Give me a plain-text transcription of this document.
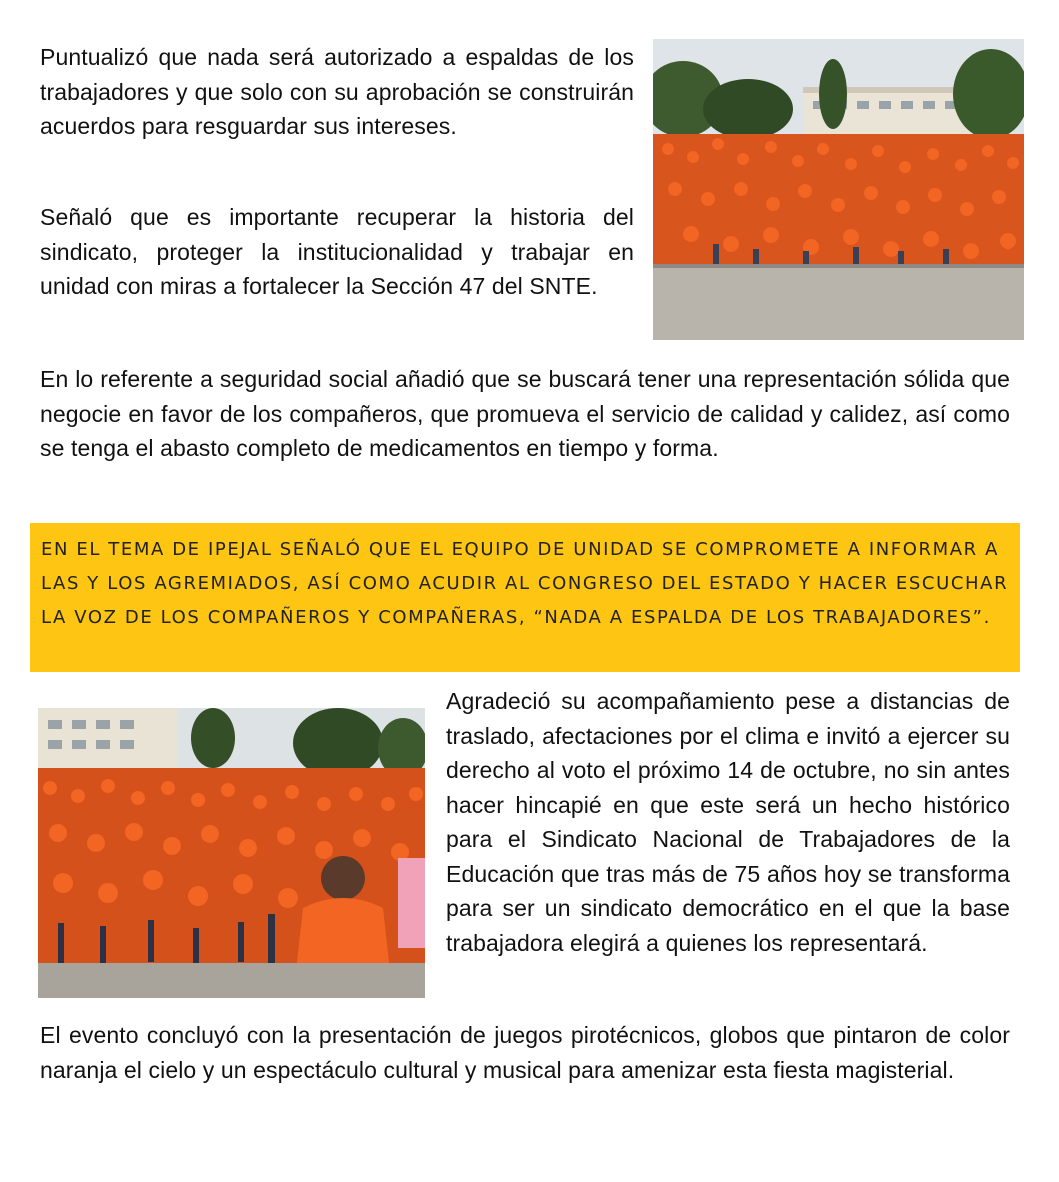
Puntualizó que nada será autorizado a espaldas de los trabajadores y que solo con su aprobación se construirán acuerdos para resguardar sus intereses.

Señaló que es importante recuperar la historia del sindicato, proteger la institucionalidad y trabajar en unidad con miras a fortalecer la Sección 47 del SNTE.

En lo referente a seguridad social añadió que se buscará tener una representación sólida que negocie en favor de los compañeros, que promueva el servicio de calidad y calidez, así como se tenga el abasto completo de medicamentos en tiempo y forma.

EN EL TEMA DE IPEJAL SEÑALÓ QUE EL EQUIPO DE UNIDAD SE COMPROMETE A INFORMAR A LAS Y LOS AGREMIADOS, ASÍ COMO ACUDIR AL CONGRESO DEL ESTADO Y HACER ESCUCHAR LA VOZ DE LOS COMPAÑEROS Y COMPAÑERAS, “NADA A ESPALDA DE LOS TRABAJADORES”.

Agradeció su acompañamiento pese a distancias de traslado, afectaciones por el clima e invitó a ejercer su derecho al voto el próximo 14 de octubre, no sin antes hacer hincapié en que este será un hecho histórico para el Sindicato Nacional de Trabajadores de la Educación que tras más de 75 años hoy se transforma para ser un sindicato democrático en el que la base trabajadora elegirá a quienes los representará.

El evento concluyó con la presentación de juegos pirotécnicos, globos que pintaron de color naranja el cielo y un espectáculo cultural y musical para amenizar esta fiesta magisterial.
